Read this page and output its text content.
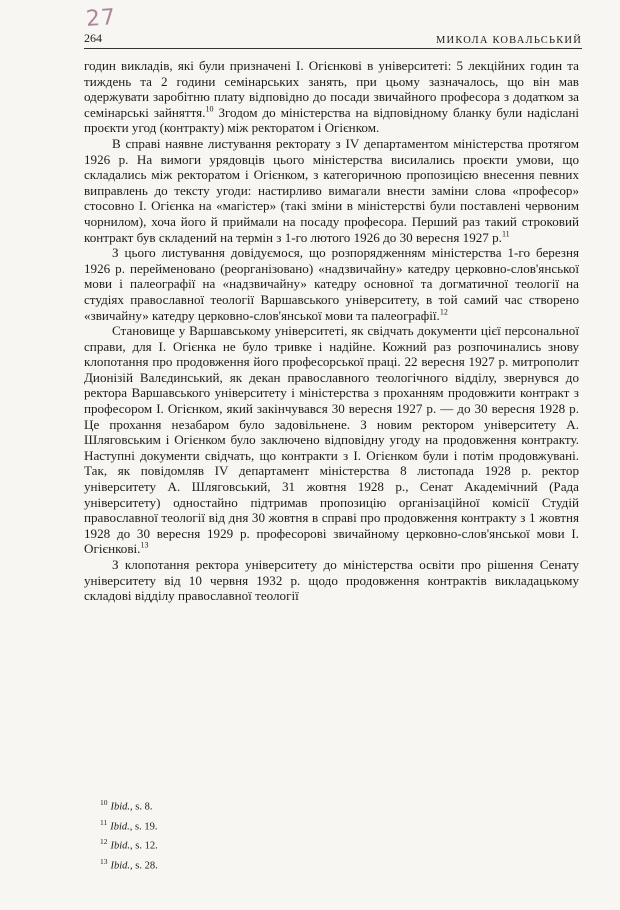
27
264	МИКОЛА КОВАЛЬСЬКИЙ

годин викладів, які були призначені І. Огієнкові в університеті: 5 лекційних годин та тиждень та 2 години семінарських занять, при цьому зазначалось, що він мав одержувати заробітню плату відповідно до посади звичайного професора з додатком за семінарські зайняття.$^{10}$ Згодом до міністерства на відповідному бланку були надіслані проєкти угод (контракту) між ректоратом і Огієнком.

В справі наявне листування ректорату з IV департаментом міністерства протягом 1926 р. На вимоги урядовців цього міністерства висилались проєкти умови, що складались між ректоратом і Огієнком, з категоричною пропозицією внесення певних виправлень до тексту угоди: настирливо вимагали внести заміни слова «професор» стосовно І. Огієнка на «магістер» (такі зміни в міністерстві були поставлені червоним чорнилом), хоча його й приймали на посаду професора. Перший раз такий строковий контракт був складений на термін з 1-го лютого 1926 до 30 вересня 1927 р.$^{11}$

З цього листування довідуємося, що розпорядженням міністерства 1-го березня 1926 р. перейменовано (реорганізовано) «надзвичайну» катедру церковно-слов'янської мови і палеографії на «надзвичайну» катедру основної та догматичної теології на студіях православної теології Варшавського університету, в той самий час створено «звичайну» катедру церковно-слов'янської мови та палеографії.$^{12}$

Становище у Варшавському університеті, як свідчать документи цієї персональної справи, для І. Огієнка не було тривке і надійне. Кожний раз розпочинались знову клопотання про продовження його професорської праці. 22 вересня 1927 р. митрополит Дионізій Валєдинський, як декан православного теологічного відділу, звернувся до ректора Варшавського університету і міністерства з проханням продовжити контракт з професором І. Огієнком, який закінчувався 30 вересня 1927 р. — до 30 вересня 1928 р. Це прохання незабаром було задовільнене. З новим ректором університету А. Шляговським і Огієнком було заключено відповідну угоду на продовження контракту. Наступні документи свідчать, що контракти з І. Огієнком були і потім продовжувані. Так, як повідомляв IV департамент міністерства 8 листопада 1928 р. ректор університету А. Шляговський, 31 жовтня 1928 р., Сенат Академічний (Рада університету) одностайно підтримав пропозицію організаційної комісії Студій православної теології від дня 30 жовтня в справі про продовження контракту з 1 жовтня 1928 до 30 вересня 1929 р. професорові звичайному церковно-слов'янської мови І. Огієнкові.$^{13}$

З клопотання ректора університету до міністерства освіти про рішення Сенату університету від 10 червня 1932 р. щодо продовження контрактів викладацькому складові відділу православної теології

$^{10}$ Ibid., s. 8.
$^{11}$ Ibid., s. 19.
$^{12}$ Ibid., s. 12.
$^{13}$ Ibid., s. 28.
